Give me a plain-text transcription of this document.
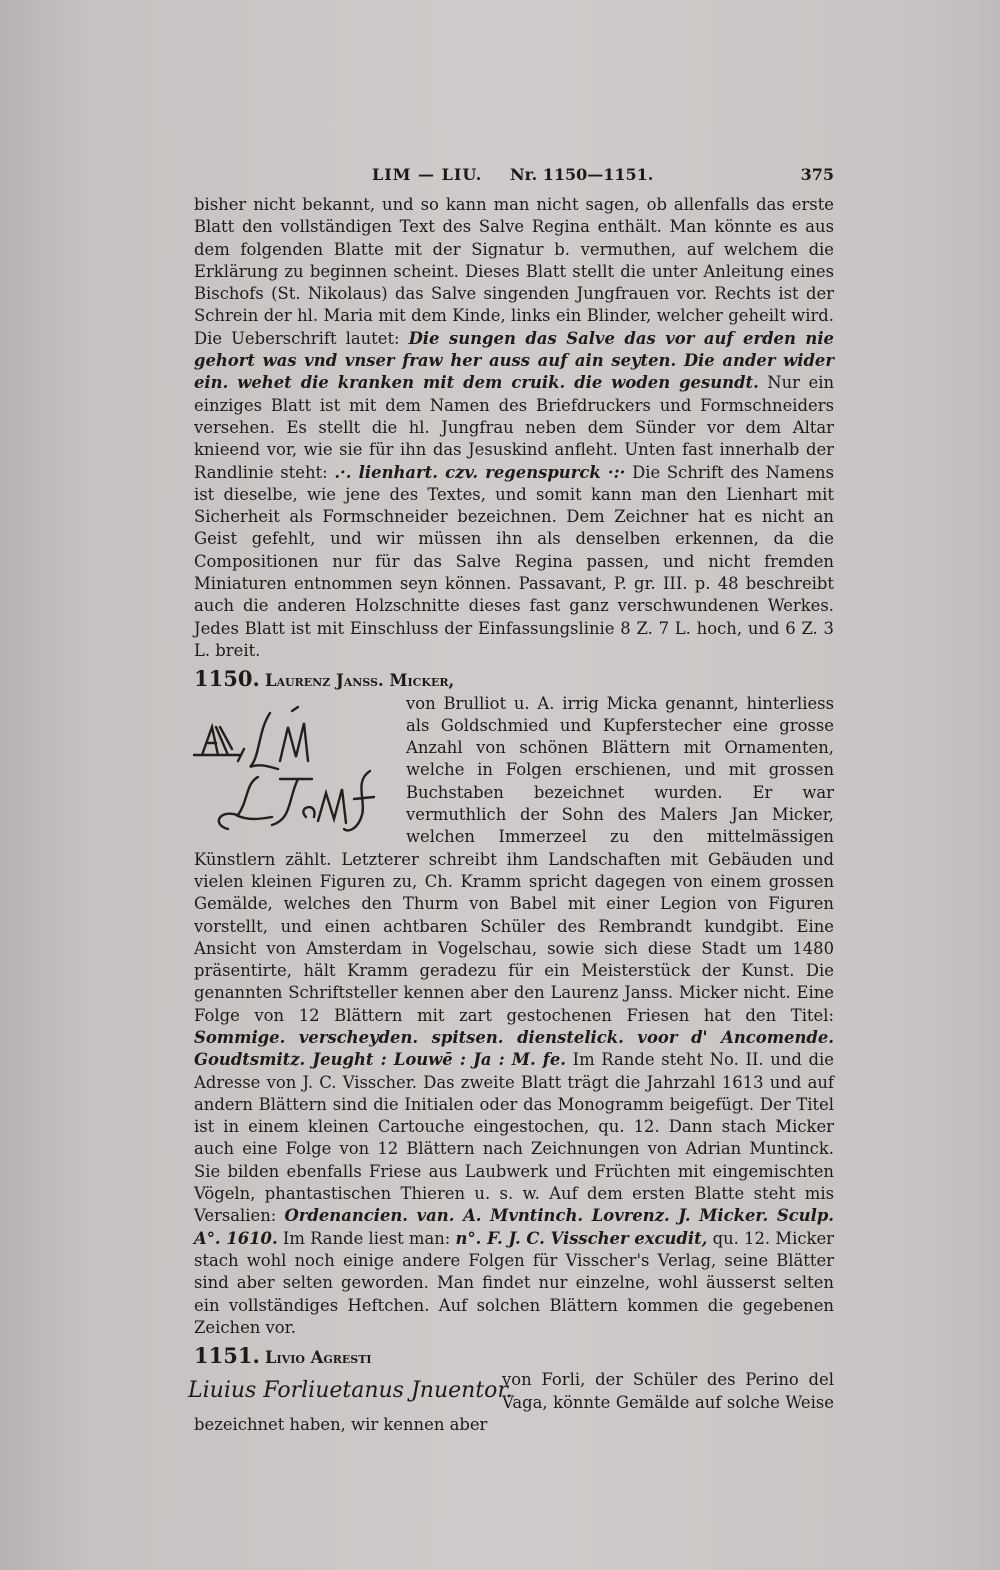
LIM — LIU. Nr. 1150—1151.	375

bisher nicht bekannt, und so kann man nicht sagen, ob allenfalls das erste Blatt den vollständigen Text des Salve Regina enthält. Man könnte es aus dem folgenden Blatte mit der Signatur b. vermuthen, auf welchem die Erklärung zu beginnen scheint. Dieses Blatt stellt die unter Anleitung eines Bischofs (St. Nikolaus) das Salve singenden Jungfrauen vor. Rechts ist der Schrein der hl. Maria mit dem Kinde, links ein Blinder, welcher geheilt wird. Die Ueberschrift lautet: Die sungen das Salve das vor auf erden nie gehort was vnd vnser fraw her auss auf ain seyten. Die ander wider ein. wehet die kranken mit dem cruik. die woden gesundt. Nur ein einziges Blatt ist mit dem Namen des Briefdruckers und Formschneiders versehen. Es stellt die hl. Jungfrau neben dem Sünder vor dem Altar knieend vor, wie sie für ihn das Jesuskind anfleht. Unten fast innerhalb der Randlinie steht: .·. lienhart. czv. regenspurck ·:· Die Schrift des Namens ist dieselbe, wie jene des Textes, und somit kann man den Lienhart mit Sicherheit als Formschneider bezeichnen. Dem Zeichner hat es nicht an Geist gefehlt, und wir müssen ihn als denselben erkennen, da die Compositionen nur für das Salve Regina passen, und nicht fremden Miniaturen entnommen seyn können. Passavant, P. gr. III. p. 48 beschreibt auch die anderen Holzschnitte dieses fast ganz verschwundenen Werkes. Jedes Blatt ist mit Einschluss der Einfassungslinie 8 Z. 7 L. hoch, und 6 Z. 3 L. breit.

1150. Laurenz Janss. Micker,

von Brulliot u. A. irrig Micka genannt, hinterliess als Goldschmied und Kupferstecher eine grosse Anzahl von schönen Blättern mit Ornamenten, welche in Folgen erschienen, und mit grossen Buchstaben bezeichnet wurden. Er war vermuthlich der Sohn des Malers Jan Micker, welchen Immerzeel zu den mittelmässigen Künstlern zählt. Letzterer schreibt ihm Landschaften mit Gebäuden und vielen kleinen Figuren zu, Ch. Kramm spricht dagegen von einem grossen Gemälde, welches den Thurm von Babel mit einer Legion von Figuren vorstellt, und einen achtbaren Schüler des Rembrandt kundgibt. Eine Ansicht von Amsterdam in Vogelschau, sowie sich diese Stadt um 1480 präsentirte, hält Kramm geradezu für ein Meisterstück der Kunst. Die genannten Schriftsteller kennen aber den Laurenz Janss. Micker nicht. Eine Folge von 12 Blättern mit zart gestochenen Friesen hat den Titel: Sommige. verscheyden. spitsen. dienstelick. voor d' Ancomende. Goudtsmitz. Jeught : Louwē : Ja : M. fe. Im Rande steht No. II. und die Adresse von J. C. Visscher. Das zweite Blatt trägt die Jahrzahl 1613 und auf andern Blättern sind die Initialen oder das Monogramm beigefügt. Der Titel ist in einem kleinen Cartouche eingestochen, qu. 12. Dann stach Micker auch eine Folge von 12 Blättern nach Zeichnungen von Adrian Muntinck. Sie bilden ebenfalls Friese aus Laubwerk und Früchten mit eingemischten Vögeln, phantastischen Thieren u. s. w. Auf dem ersten Blatte steht mis Versalien: Ordenancien. van. A. Mvntinch. Lovrenz. J. Micker. Sculp. A°. 1610. Im Rande liest man: n°. F. J. C. Visscher excudit, qu. 12. Micker stach wohl noch einige andere Folgen für Visscher's Verlag, seine Blätter sind aber selten geworden. Man findet nur einzelne, wohl äusserst selten ein vollständiges Heftchen. Auf solchen Blättern kommen die gegebenen Zeichen vor.

1151. Livio Agresti

Liuius Forliuetanus Jnuentor.
von Forli, der Schüler des Perino del Vaga, könnte Gemälde auf solche Weise bezeichnet haben, wir kennen aber
